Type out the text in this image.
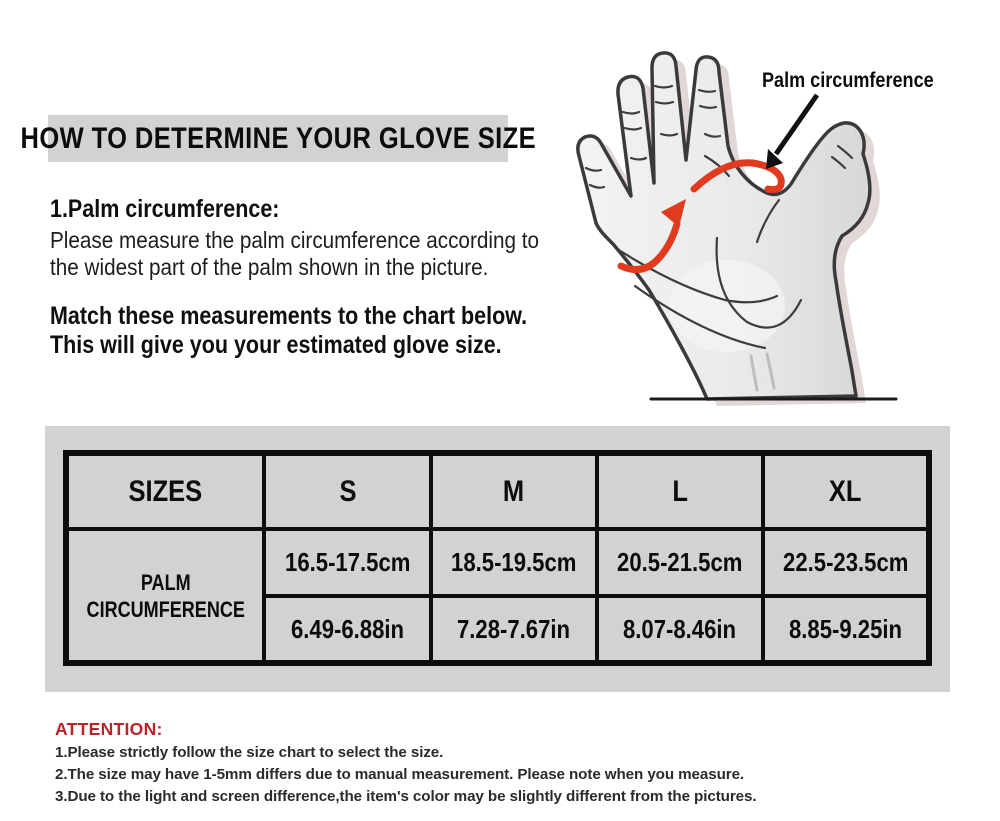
HOW TO DETERMINE YOUR GLOVE SIZE
1.Palm circumference:
Please measure the palm circumference according to
the widest part of the palm shown in the picture.
Match these measurements to the chart below.
This will give you your estimated glove size.
Palm circumference
SIZES	S	M	L	XL

PALM CIRCUMFERENCE	16.5-17.5cm	18.5-19.5cm	20.5-21.5cm	22.5-23.5cm
	6.49-6.88in	7.28-7.67in	8.07-8.46in	8.85-9.25in
ATTENTION:
1.Please strictly follow the size chart to select the size.
2.The size may have 1-5mm differs due to manual measurement. Please note when you measure.
3.Due to the light and screen difference,the item's color may be slightly different from the pictures.
